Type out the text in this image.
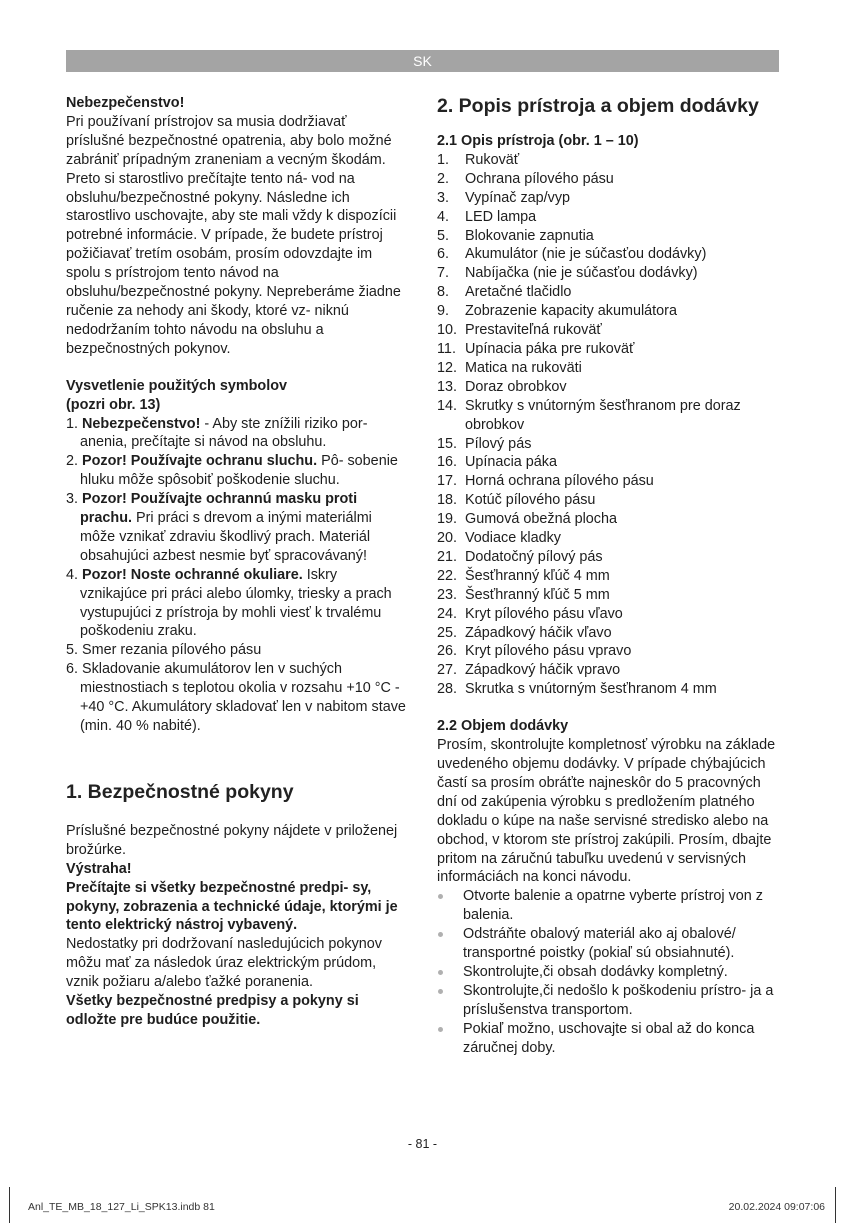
SK

Nebezpečenstvo!

Pri používaní prístrojov sa musia dodržiavať príslušné bezpečnostné opatrenia, aby bolo možné zabrániť prípadným zraneniam a vecným škodám. Preto si starostlivo prečítajte tento ná- vod na obsluhu/bezpečnostné pokyny. Následne ich starostlivo uschovajte, aby ste mali vždy k dispozícii potrebné informácie. V prípade, že budete prístroj požičiavať tretím osobám, prosím odovzdajte im spolu s prístrojom tento návod na obsluhu/bezpečnostné pokyny. Nepreberáme žiadne ručenie za nehody ani škody, ktoré vz- niknú nedodržaním tohto návodu na obsluhu a bezpečnostných pokynov.

Vysvetlenie použitých symbolov

(pozri obr. 13)

1. Nebezpečenstvo! - Aby ste znížili riziko por- anenia, prečítajte si návod na obsluhu.
2. Pozor! Používajte ochranu sluchu. Pô- sobenie hluku môže spôsobiť poškodenie sluchu.
3. Pozor! Používajte ochrannú masku proti prachu. Pri práci s drevom a inými materiálmi môže vznikať zdraviu škodlivý prach. Materiál obsahujúci azbest nesmie byť spracovávaný!
4. Pozor! Noste ochranné okuliare. Iskry vznikajúce pri práci alebo úlomky, triesky a prach vystupujúci z prístroja by mohli viesť k trvalému poškodeniu zraku.
5. Smer rezania pílového pásu
6. Skladovanie akumulátorov len v suchých miestnostiach s teplotou okolia v rozsahu +10 °C - +40 °C. Akumulátory skladovať len v nabitom stave (min. 40 % nabité).

1. Bezpečnostné pokyny

Príslušné bezpečnostné pokyny nájdete v priloženej brožúrke.

Výstraha!

Prečítajte si všetky bezpečnostné predpi- sy, pokyny, zobrazenia a technické údaje, ktorými je tento elektrický nástroj vybavený.

Nedostatky pri dodržovaní nasledujúcich pokynov môžu mať za následok úraz elektrickým prúdom, vznik požiaru a/alebo ťažké poranenia.

Všetky bezpečnostné predpisy a pokyny si odložte pre budúce použitie.

2. Popis prístroja a objem dodávky

2.1 Opis prístroja (obr. 1 – 10)

1. Rukoväť
2. Ochrana pílového pásu
3. Vypínač zap/vyp
4. LED lampa
5. Blokovanie zapnutia
6. Akumulátor (nie je súčasťou dodávky)
7. Nabíjačka (nie je súčasťou dodávky)
8. Aretačné tlačidlo
9. Zobrazenie kapacity akumulátora
10. Prestaviteľná rukoväť
11. Upínacia páka pre rukoväť
12. Matica na rukoväti
13. Doraz obrobkov
14. Skrutky s vnútorným šesťhranom pre doraz obrobkov
15. Pílový pás
16. Upínacia páka
17. Horná ochrana pílového pásu
18. Kotúč pílového pásu
19. Gumová obežná plocha
20. Vodiace kladky
21. Dodatočný pílový pás
22. Šesťhranný kľúč 4 mm
23. Šesťhranný kľúč 5 mm
24. Kryt pílového pásu vľavo
25. Západkový háčik vľavo
26. Kryt pílového pásu vpravo
27. Západkový háčik vpravo
28. Skrutka s vnútorným šesťhranom 4 mm

2.2 Objem dodávky

Prosím, skontrolujte kompletnosť výrobku na základe uvedeného objemu dodávky. V prípade chýbajúcich častí sa prosím obráťte najneskôr do 5 pracovných dní od zakúpenia výrobku s predložením platného dokladu o kúpe na naše servisné stredisko alebo na obchod, v ktorom ste prístroj zakúpili. Prosím, dbajte pritom na záručnú tabuľku uvedenú v servisných informáciách na konci návodu.

Otvorte balenie a opatrne vyberte prístroj von z balenia.
Odstráňte obalový materiál ako aj obalové/ transportné poistky (pokiaľ sú obsiahnuté).
Skontrolujte,či obsah dodávky kompletný.
Skontrolujte,či nedošlo k poškodeniu prístro- ja a príslušenstva transportom.
Pokiaľ možno, uschovajte si obal až do konca záručnej doby.
- 81 -
Anl_TE_MB_18_127_Li_SPK13.indb 81	20.02.2024 09:07:06
